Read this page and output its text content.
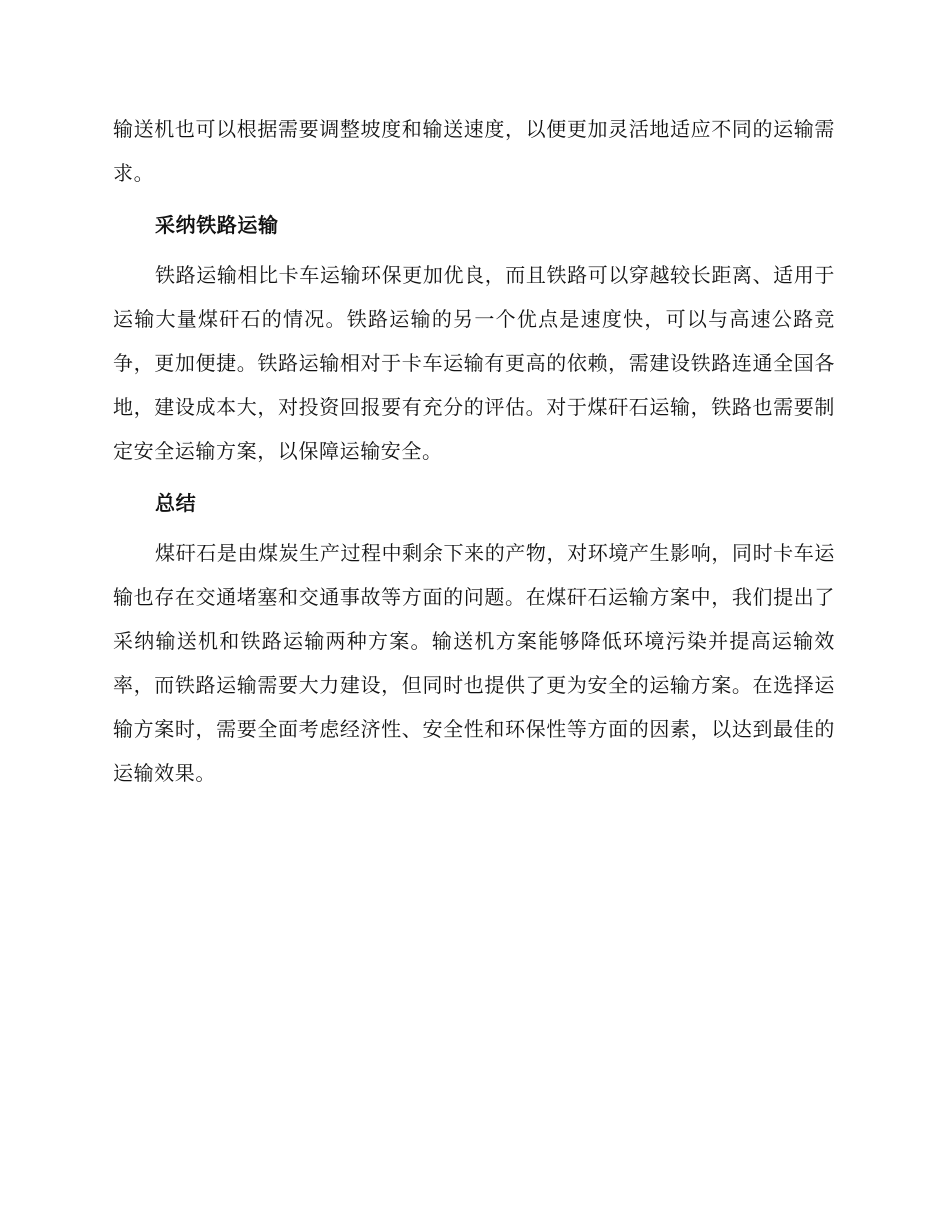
输送机也可以根据需要调整坡度和输送速度，以便更加灵活地适应不同的运输需求。

采纳铁路运输

铁路运输相比卡车运输环保更加优良，而且铁路可以穿越较长距离、适用于运输大量煤矸石的情况。铁路运输的另一个优点是速度快，可以与高速公路竞争，更加便捷。铁路运输相对于卡车运输有更高的依赖，需建设铁路连通全国各地，建设成本大，对投资回报要有充分的评估。对于煤矸石运输，铁路也需要制定安全运输方案，以保障运输安全。

总结

煤矸石是由煤炭生产过程中剩余下来的产物，对环境产生影响，同时卡车运输也存在交通堵塞和交通事故等方面的问题。在煤矸石运输方案中，我们提出了采纳输送机和铁路运输两种方案。输送机方案能够降低环境污染并提高运输效率，而铁路运输需要大力建设，但同时也提供了更为安全的运输方案。在选择运输方案时，需要全面考虑经济性、安全性和环保性等方面的因素，以达到最佳的运输效果。
